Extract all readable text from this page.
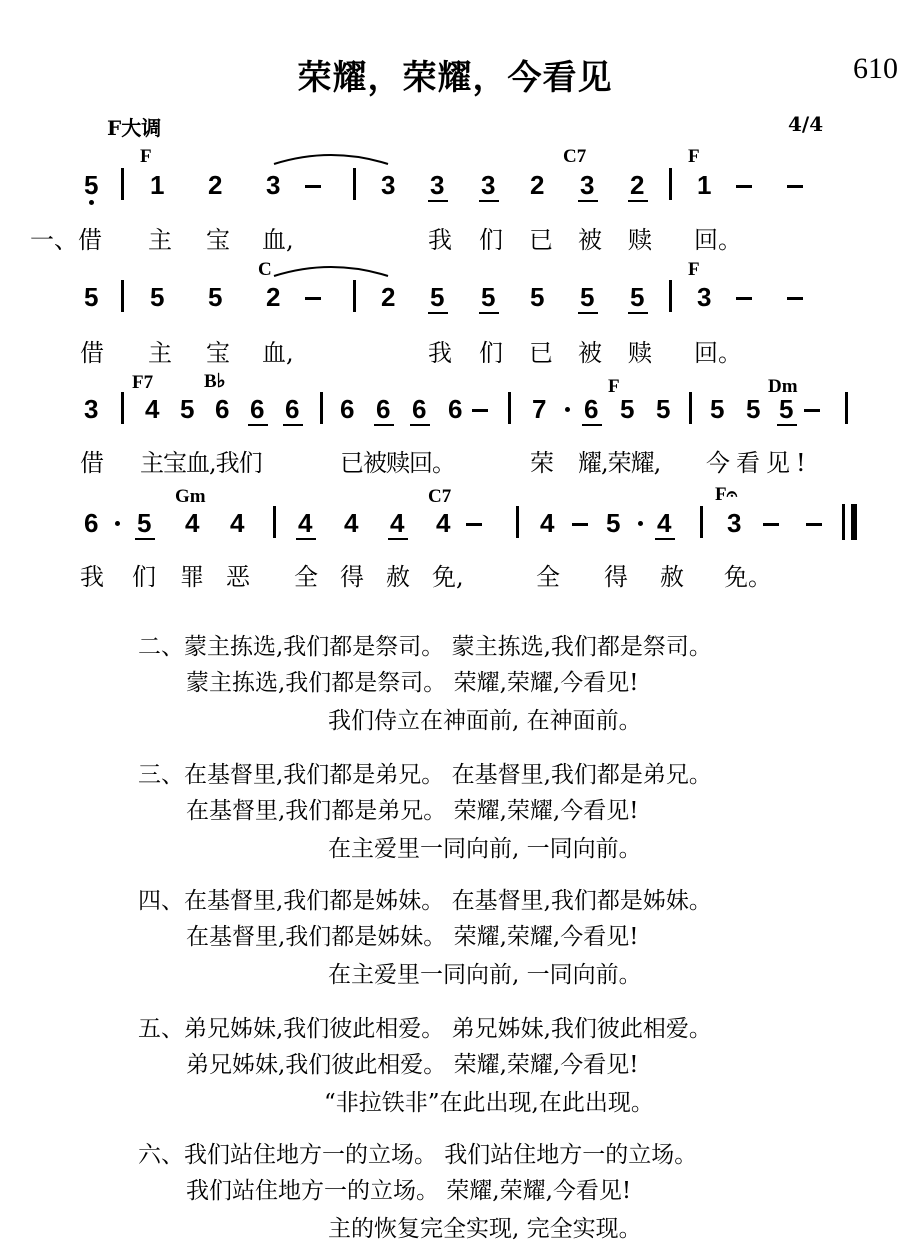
荣耀，荣耀，今看见	610
F大调	4/4
F	C7	F
5 1 2 3	3 3 3 2 3 2 1
一、借 主 宝 血,	我 们 已 被 赎 回。
C	F
5 5 5 2	2 5 5 5 5 5 3
借 主 宝 血,	我 们 已 被 赎 回。
F7	B♭	F	Dm
3 4 5 6 6 6 6 6 6 6	7 6 5 5 5 5 5
借 主宝血,我们	已被赎回。	荣 耀,荣耀, 今看见!
Gm	C7	F𝄐
6 5 4 4 4 4 4 4	4 5 4 3
我 们 罪 恶 全 得 赦 免,	全 得 赦 免。
二、蒙主拣选,我们都是祭司。 蒙主拣选,我们都是祭司。
蒙主拣选,我们都是祭司。 荣耀,荣耀,今看见!
我们侍立在神面前, 在神面前。
三、在基督里,我们都是弟兄。 在基督里,我们都是弟兄。
在基督里,我们都是弟兄。 荣耀,荣耀,今看见!
在主爱里一同向前, 一同向前。
四、在基督里,我们都是姊妹。 在基督里,我们都是姊妹。
在基督里,我们都是姊妹。 荣耀,荣耀,今看见!
在主爱里一同向前, 一同向前。
五、弟兄姊妹,我们彼此相爱。 弟兄姊妹,我们彼此相爱。
弟兄姊妹,我们彼此相爱。 荣耀,荣耀,今看见!
“非拉铁非”在此出现,在此出现。
六、我们站住地方一的立场。 我们站住地方一的立场。
我们站住地方一的立场。 荣耀,荣耀,今看见!
主的恢复完全实现, 完全实现。
